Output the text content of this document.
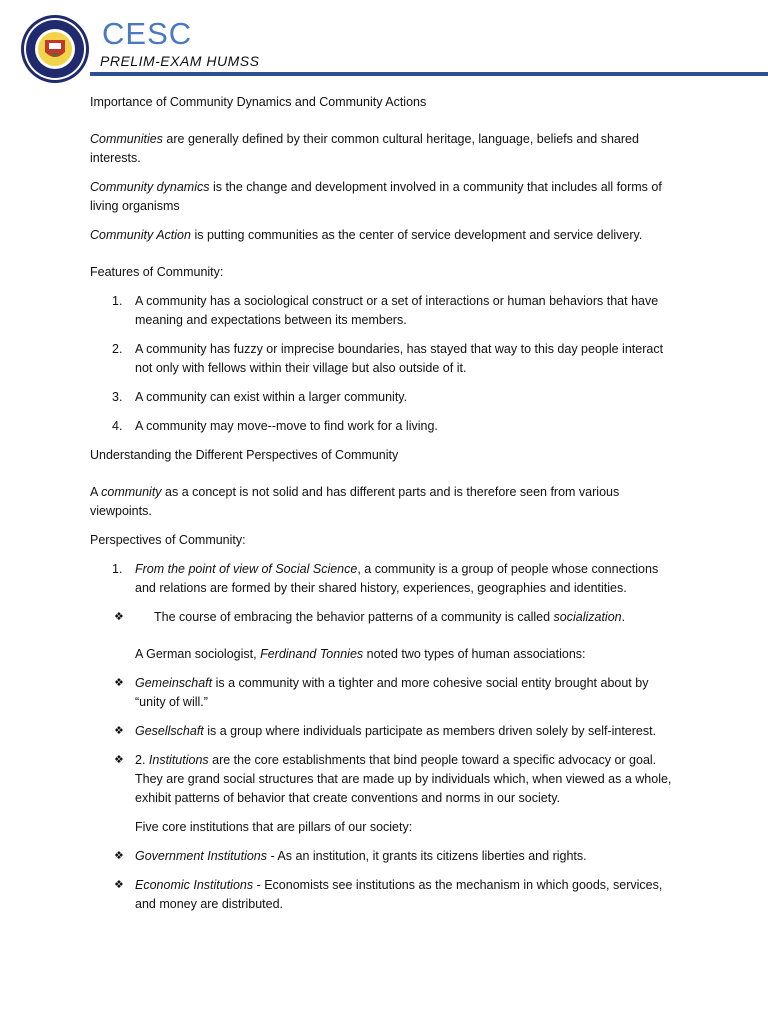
CESC
PRELIM-EXAM HUMSS

Importance of Community Dynamics and Community Actions

Communities are generally defined by their common cultural heritage, language, beliefs and shared interests.

Community dynamics is the change and development involved in a community that includes all forms of living organisms

Community Action is putting communities as the center of service development and service delivery.

Features of Community:

1. A community has a sociological construct or a set of interactions or human behaviors that have meaning and expectations between its members.
2. A community has fuzzy or imprecise boundaries, has stayed that way to this day people interact not only with fellows within their village but also outside of it.
3. A community can exist within a larger community.
4. A community may move--move to find work for a living.

Understanding the Different Perspectives of Community

A community as a concept is not solid and has different parts and is therefore seen from various viewpoints.

Perspectives of Community:

1. From the point of view of Social Science, a community is a group of people whose connections and relations are formed by their shared history, experiences, geographies and identities.
❖ The course of embracing the behavior patterns of a community is called socialization.

A German sociologist, Ferdinand Tonnies noted two types of human associations:

❖ Gemeinschaft is a community with a tighter and more cohesive social entity brought about by “unity of will.”
❖ Gesellschaft is a group where individuals participate as members driven solely by self-interest.
❖ 2. Institutions are the core establishments that bind people toward a specific advocacy or goal. They are grand social structures that are made up by individuals which, when viewed as a whole, exhibit patterns of behavior that create conventions and norms in our society.

Five core institutions that are pillars of our society:

❖ Government Institutions - As an institution, it grants its citizens liberties and rights.
❖ Economic Institutions - Economists see institutions as the mechanism in which goods, services, and money are distributed.
